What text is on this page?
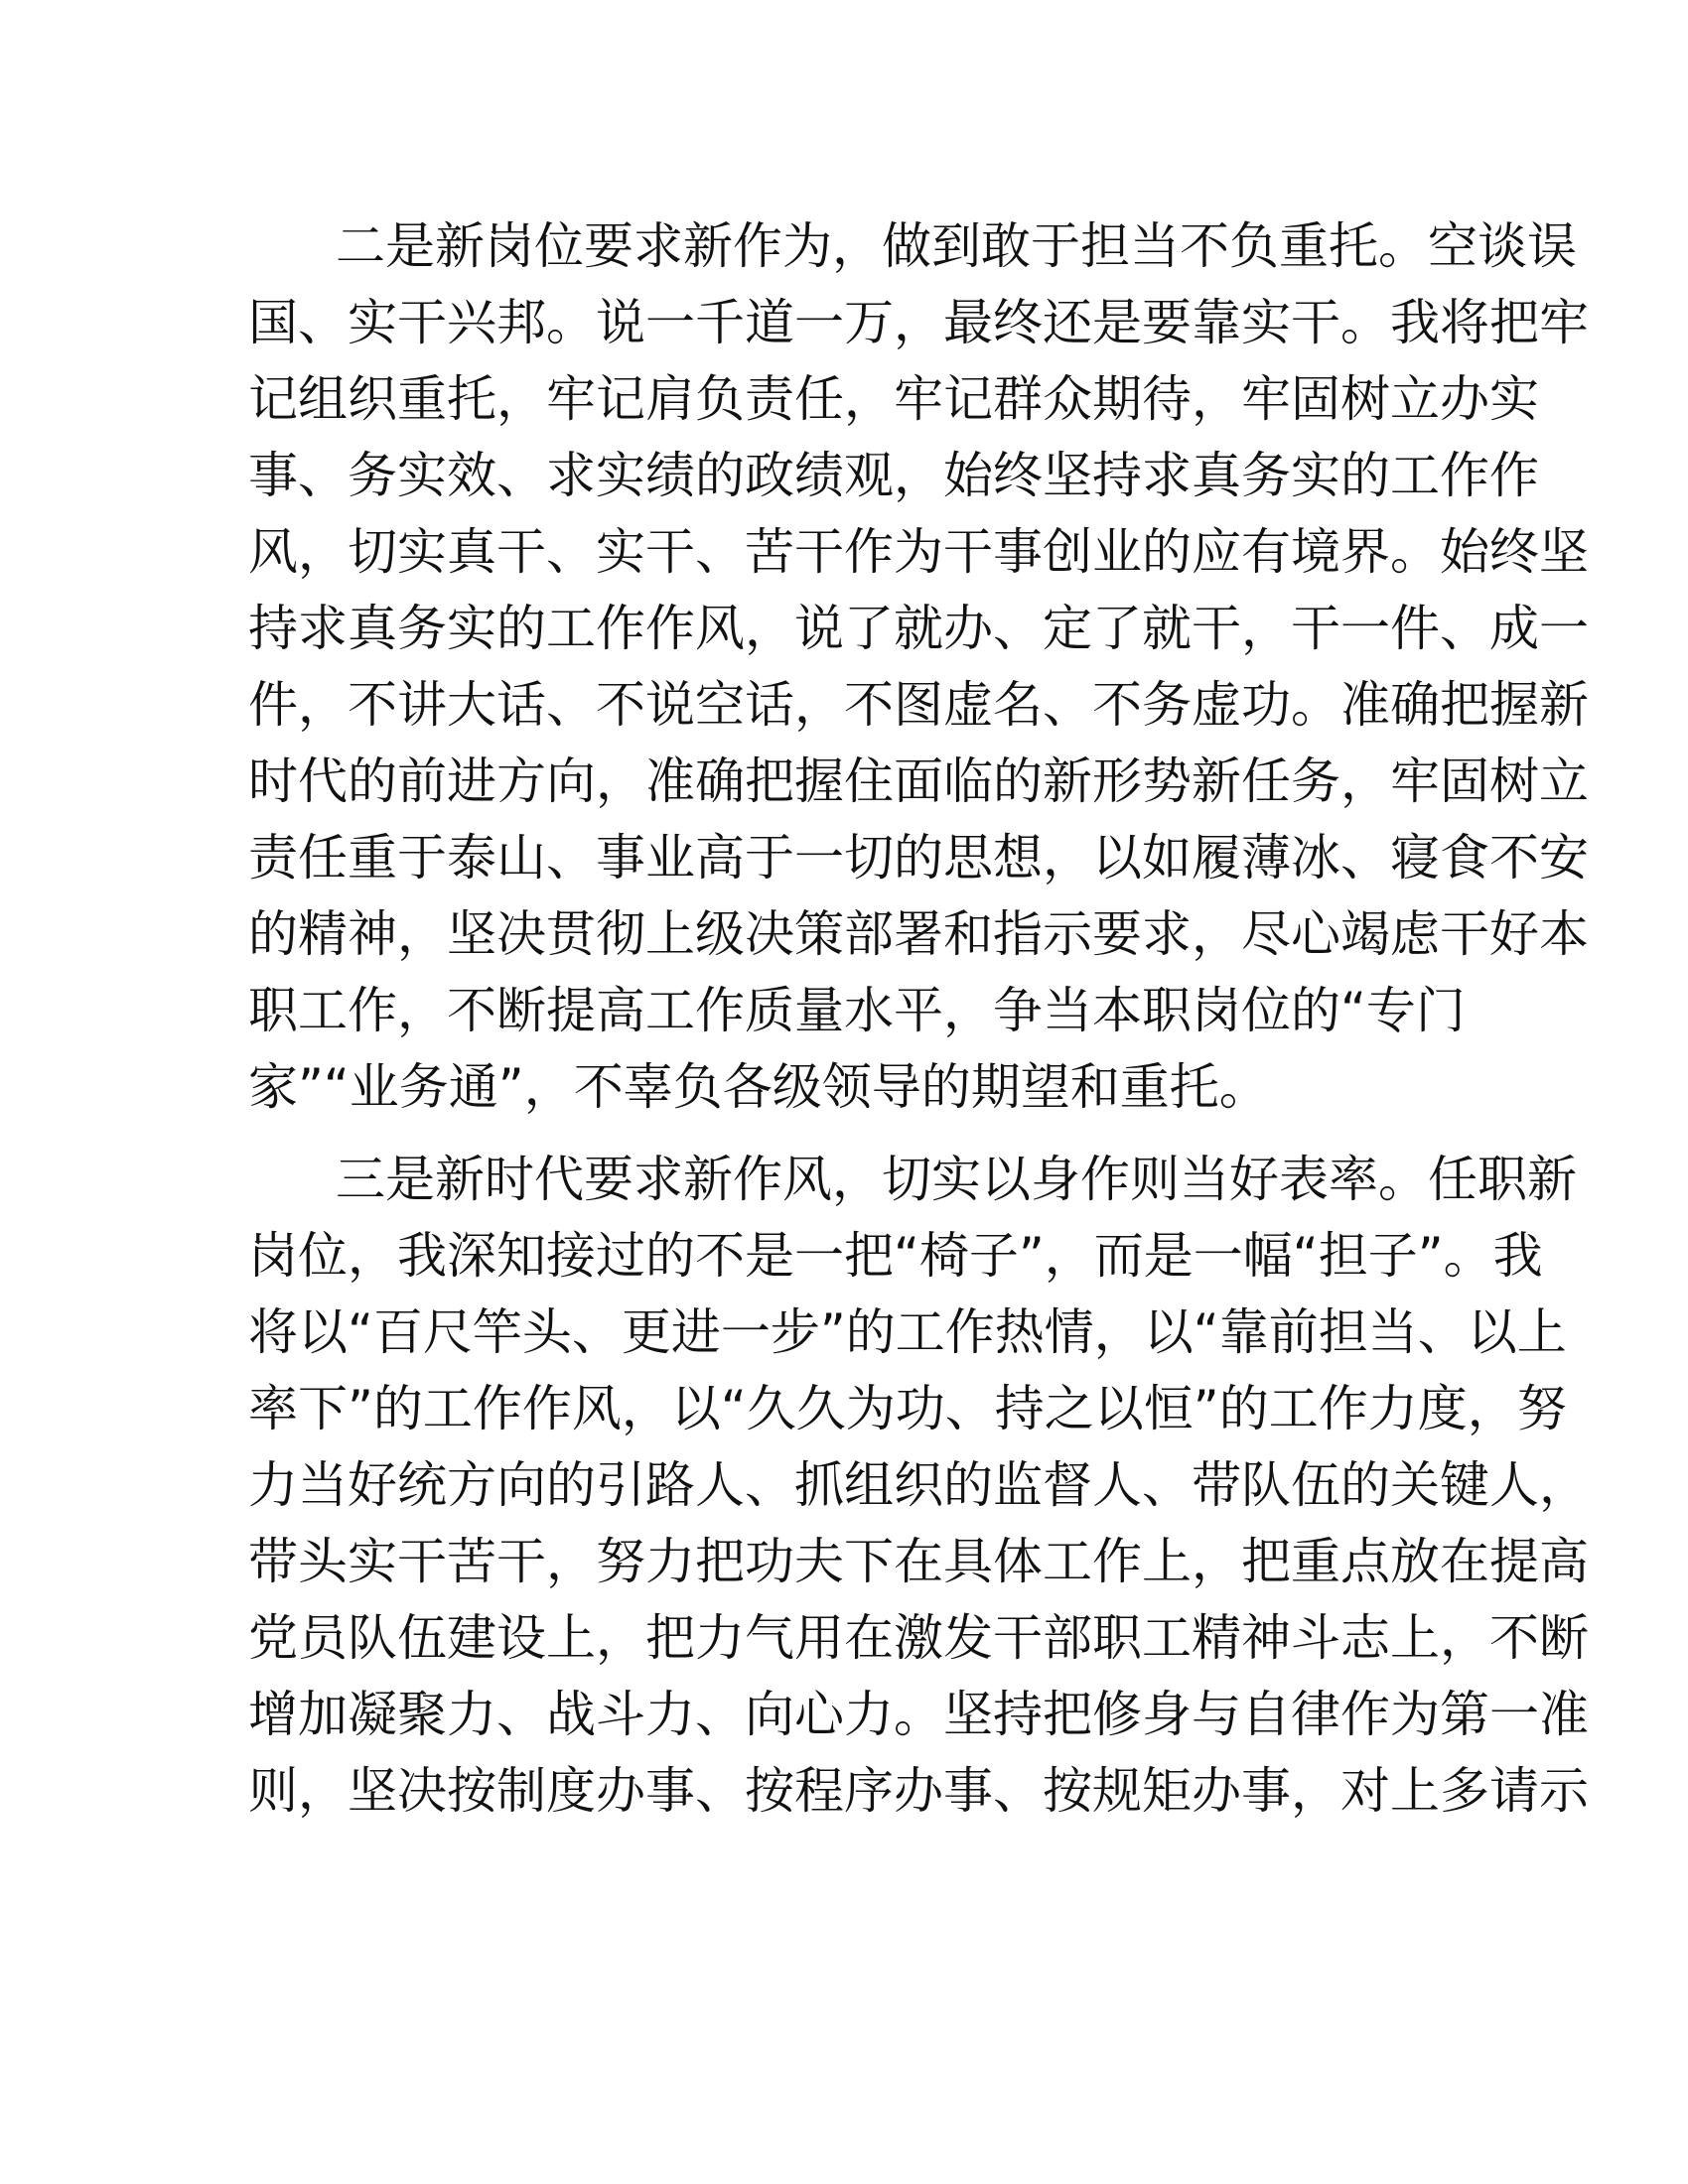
二是新岗位要求新作为，做到敢于担当不负重托。空谈误
国、实干兴邦。说一千道一万，最终还是要靠实干。我将把牢
记组织重托，牢记肩负责任，牢记群众期待，牢固树立办实
事、务实效、求实绩的政绩观，始终坚持求真务实的工作作
风，切实真干、实干、苦干作为干事创业的应有境界。始终坚
持求真务实的工作作风，说了就办、定了就干，干一件、成一
件，不讲大话、不说空话，不图虚名、不务虚功。准确把握新
时代的前进方向，准确把握住面临的新形势新任务，牢固树立
责任重于泰山、事业高于一切的思想，以如履薄冰、寝食不安
的精神，坚决贯彻上级决策部署和指示要求，尽心竭虑干好本
职工作，不断提高工作质量水平，争当本职岗位的“专门
家”“业务通”，不辜负各级领导的期望和重托。
三是新时代要求新作风，切实以身作则当好表率。任职新
岗位，我深知接过的不是一把“椅子”，而是一幅“担子”。我
将以“百尺竿头、更进一步”的工作热情，以“靠前担当、以上
率下”的工作作风，以“久久为功、持之以恒”的工作力度，努
力当好统方向的引路人、抓组织的监督人、带队伍的关键人，
带头实干苦干，努力把功夫下在具体工作上，把重点放在提高
党员队伍建设上，把力气用在激发干部职工精神斗志上，不断
增加凝聚力、战斗力、向心力。坚持把修身与自律作为第一准
则，坚决按制度办事、按程序办事、按规矩办事，对上多请示
